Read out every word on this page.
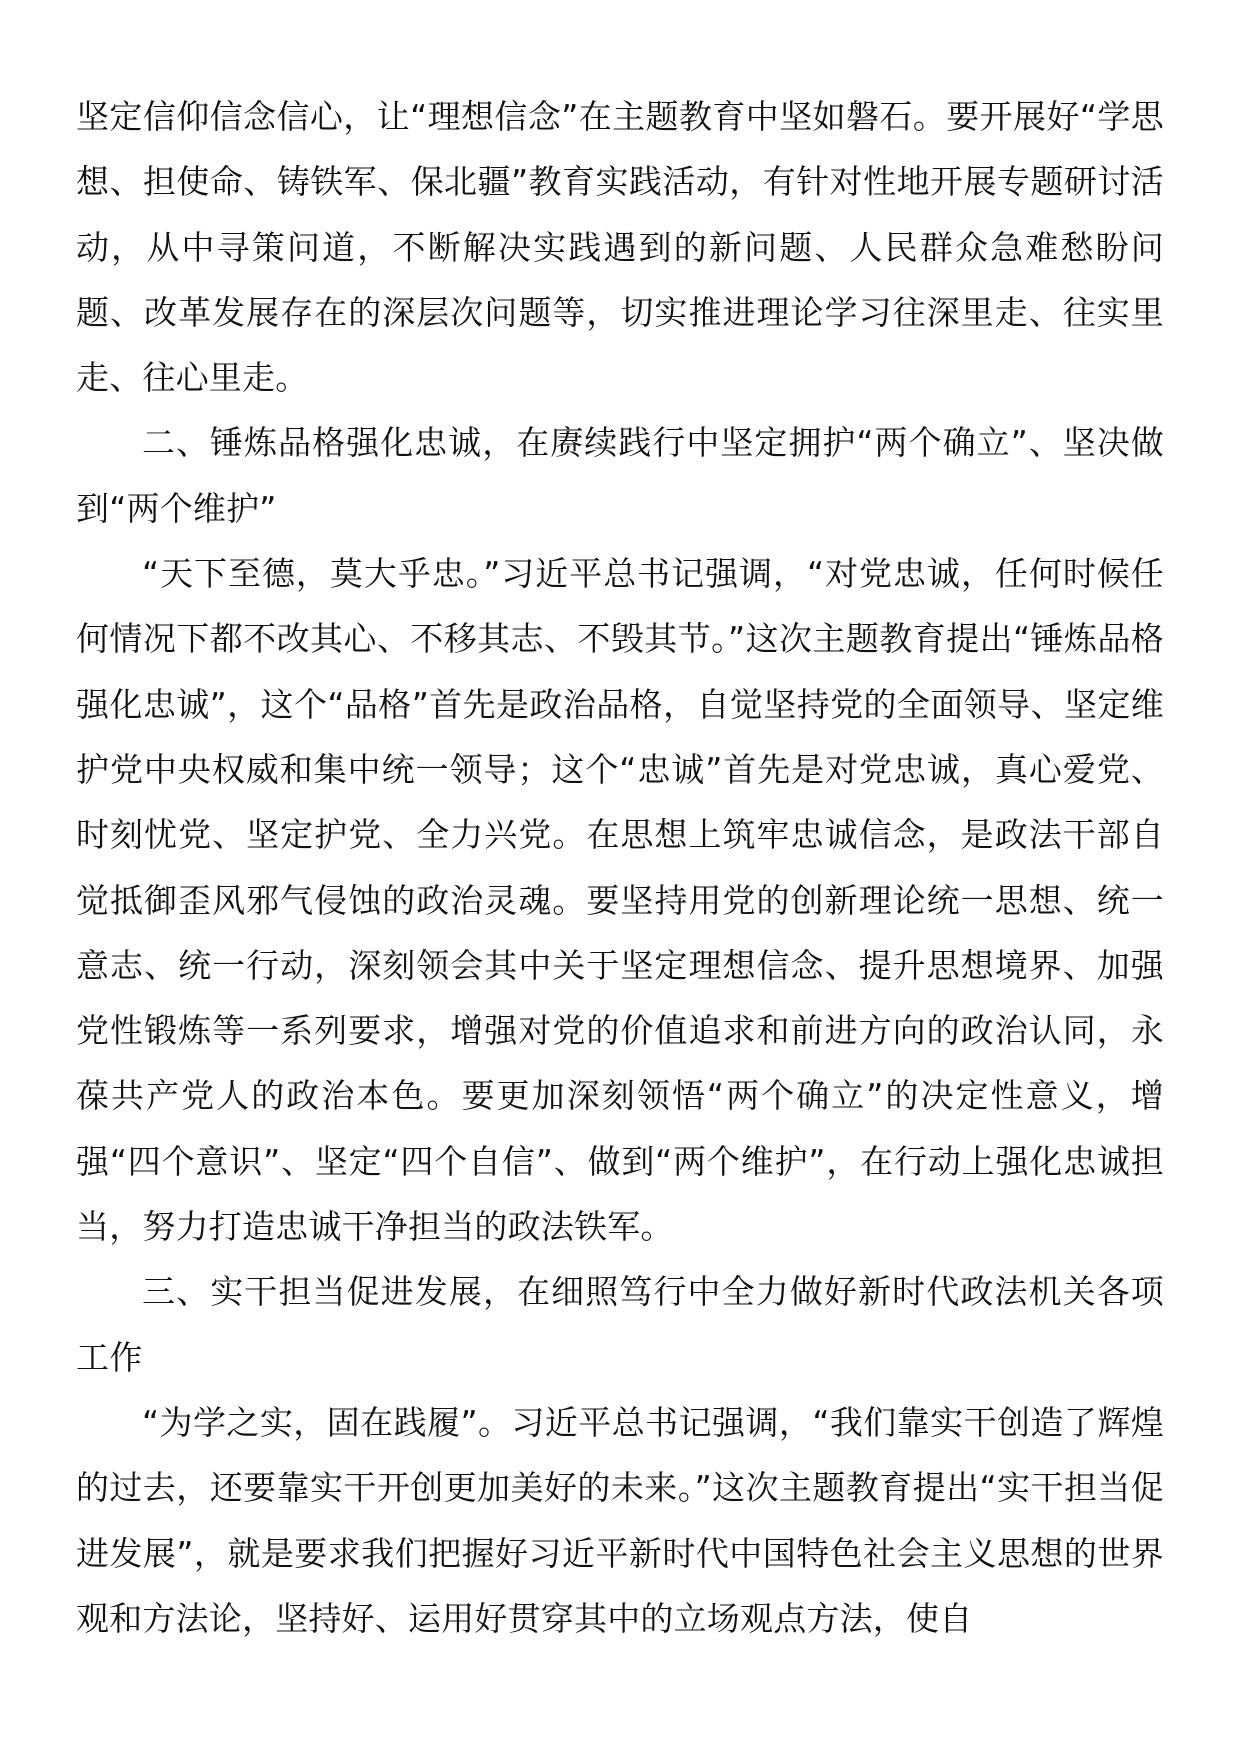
坚定信仰信念信心，让“理想信念”在主题教育中坚如磐石。要开展好“学思想、担使命、铸铁军、保北疆”教育实践活动，有针对性地开展专题研讨活动，从中寻策问道，不断解决实践遇到的新问题、人民群众急难愁盼问题、改革发展存在的深层次问题等，切实推进理论学习往深里走、往实里走、往心里走。

二、锤炼品格强化忠诚，在赓续践行中坚定拥护“两个确立”、坚决做到“两个维护”

“天下至德，莫大乎忠。”习近平总书记强调，“对党忠诚，任何时候任何情况下都不改其心、不移其志、不毁其节。”这次主题教育提出“锤炼品格强化忠诚”，这个“品格”首先是政治品格，自觉坚持党的全面领导、坚定维护党中央权威和集中统一领导；这个“忠诚”首先是对党忠诚，真心爱党、时刻忧党、坚定护党、全力兴党。在思想上筑牢忠诚信念，是政法干部自觉抵御歪风邪气侵蚀的政治灵魂。要坚持用党的创新理论统一思想、统一意志、统一行动，深刻领会其中关于坚定理想信念、提升思想境界、加强党性锻炼等一系列要求，增强对党的价值追求和前进方向的政治认同，永葆共产党人的政治本色。要更加深刻领悟“两个确立”的决定性意义，增强“四个意识”、坚定“四个自信”、做到“两个维护”，在行动上强化忠诚担当，努力打造忠诚干净担当的政法铁军。

三、实干担当促进发展，在细照笃行中全力做好新时代政法机关各项工作

“为学之实，固在践履”。习近平总书记强调，“我们靠实干创造了辉煌的过去，还要靠实干开创更加美好的未来。”这次主题教育提出“实干担当促进发展”，就是要求我们把握好习近平新时代中国特色社会主义思想的世界观和方法论，坚持好、运用好贯穿其中的立场观点方法，使自
